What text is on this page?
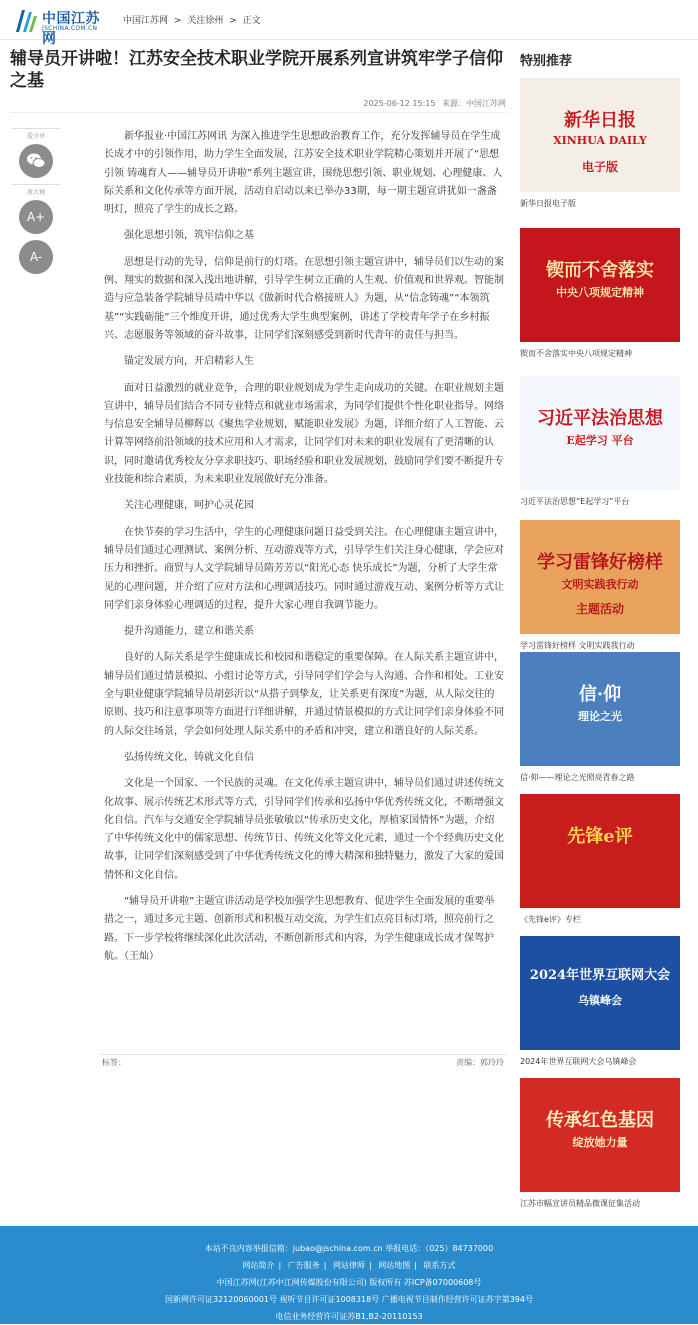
中国江苏网
JSCHINA.COM.CN
中国江苏网 > 关注徐州 > 正文
辅导员开讲啦！江苏安全技术职业学院开展系列宣讲筑牢学子信仰之基
2025-06-12 15:15 来源：中国江苏网
爱分享
放大镜
A+
A-

新华报业·中国江苏网讯 为深入推进学生思想政治教育工作，充分发挥辅导员在学生成长成才中的引领作用，助力学生全面发展，江苏安全技术职业学院精心策划并开展了“思想引领 铸魂育人——辅导员开讲啦”系列主题宣讲，围绕思想引领、职业规划、心理健康、人际关系和文化传承等方面开展，活动自启动以来已举办33期，每一期主题宣讲犹如一盏盏明灯，照亮了学生的成长之路。

强化思想引领，筑牢信仰之基

思想是行动的先导，信仰是前行的灯塔。在思想引领主题宣讲中，辅导员们以生动的案例、翔实的数据和深入浅出地讲解，引导学生树立正确的人生观、价值观和世界观。智能制造与应急装备学院辅导员靖中华以《做新时代合格接班人》为题，从“信念铸魂”“本领筑基”“实践砺能”三个维度开讲，通过优秀大学生典型案例，讲述了学校青年学子在乡村振兴、志愿服务等领域的奋斗故事，让同学们深刻感受到新时代青年的责任与担当。

锚定发展方向，开启精彩人生

面对日益激烈的就业竞争，合理的职业规划成为学生走向成功的关键。在职业规划主题宣讲中，辅导员们结合不同专业特点和就业市场需求，为同学们提供个性化职业指导。网络与信息安全辅导员柳辉以《聚焦学业规划，赋能职业发展》为题，详细介绍了人工智能、云计算等网络前沿领域的技术应用和人才需求，让同学们对未来的职业发展有了更清晰的认识，同时邀请优秀校友分享求职技巧、职场经验和职业发展规划，鼓励同学们要不断提升专业技能和综合素质，为未来职业发展做好充分准备。

关注心理健康，呵护心灵花园

在快节奏的学习生活中，学生的心理健康问题日益受到关注。在心理健康主题宣讲中，辅导员们通过心理测试、案例分析、互动游戏等方式，引导学生们关注身心健康，学会应对压力和挫折。商贸与人文学院辅导员隋芳芳以“阳光心态 快乐成长”为题，分析了大学生常见的心理问题，并介绍了应对方法和心理调适技巧。同时通过游戏互动、案例分析等方式让同学们亲身体验心理调适的过程，提升大家心理自我调节能力。

提升沟通能力，建立和谐关系

良好的人际关系是学生健康成长和校园和谐稳定的重要保障。在人际关系主题宣讲中，辅导员们通过情景模拟、小组讨论等方式，引导同学们学会与人沟通、合作和相处。工业安全与职业健康学院辅导员胡彭沂以“从搭子到挚友，让关系更有深度”为题，从人际交往的原则、技巧和注意事项等方面进行详细讲解，并通过情景模拟的方式让同学们亲身体验不同的人际交往场景，学会如何处理人际关系中的矛盾和冲突，建立和谐良好的人际关系。

弘扬传统文化，铸就文化自信

文化是一个国家、一个民族的灵魂。在文化传承主题宣讲中，辅导员们通过讲述传统文化故事、展示传统艺术形式等方式，引导同学们传承和弘扬中华优秀传统文化，不断增强文化自信。汽车与交通安全学院辅导员张敏敏以“传承历史文化，厚植家国情怀”为题，介绍了中华传统文化中的儒家思想、传统节日、传统文化等文化元素，通过一个个经典历史文化故事，让同学们深刻感受到了中华优秀传统文化的博大精深和独特魅力，激发了大家的爱国情怀和文化自信。

“辅导员开讲啦”主题宣讲活动是学校加强学生思想教育、促进学生全面发展的重要举措之一，通过多元主题、创新形式和积极互动交流，为学生们点亮目标灯塔，照亮前行之路。下一步学校将继续深化此次活动，不断创新形式和内容，为学生健康成长成才保驾护航。（王灿）

标签：	责编：郭玲玲
特别推荐
新华日报
XINHUA DAILY
电子版
新华日报电子版
锲而不舍落实
中央八项规定精神
锲而不舍落实中央八项规定精神
习近平法治思想
E起学习 平台
习近平法治思想“E起学习”平台
学习雷锋好榜样
文明实践我行动
主题活动
学习雷锋好榜样 文明实践我行动
信·仰
理论之光
信·仰——理论之光照亮青春之路
先锋e评
《先锋e评》专栏
2024年世界互联网大会
乌镇峰会
2024年世界互联网大会乌镇峰会
传承红色基因
绽放她力量
江苏市幅宣讲员精品微课征集活动
本站不良内容举报信箱：jubao@jschina.com.cn 举报电话：（025）84737000
网站简介 | 广告服务 | 网站律师 | 网站地图 | 联系方式
中国江苏网(江苏中江网传媒股份有限公司) 版权所有 苏ICP备07000608号
国新网许可证32120060001号 视听节目许可证1008318号 广播电视节目制作经营许可证苏字第394号
电信业务经营许可证苏B1,B2-20110153
